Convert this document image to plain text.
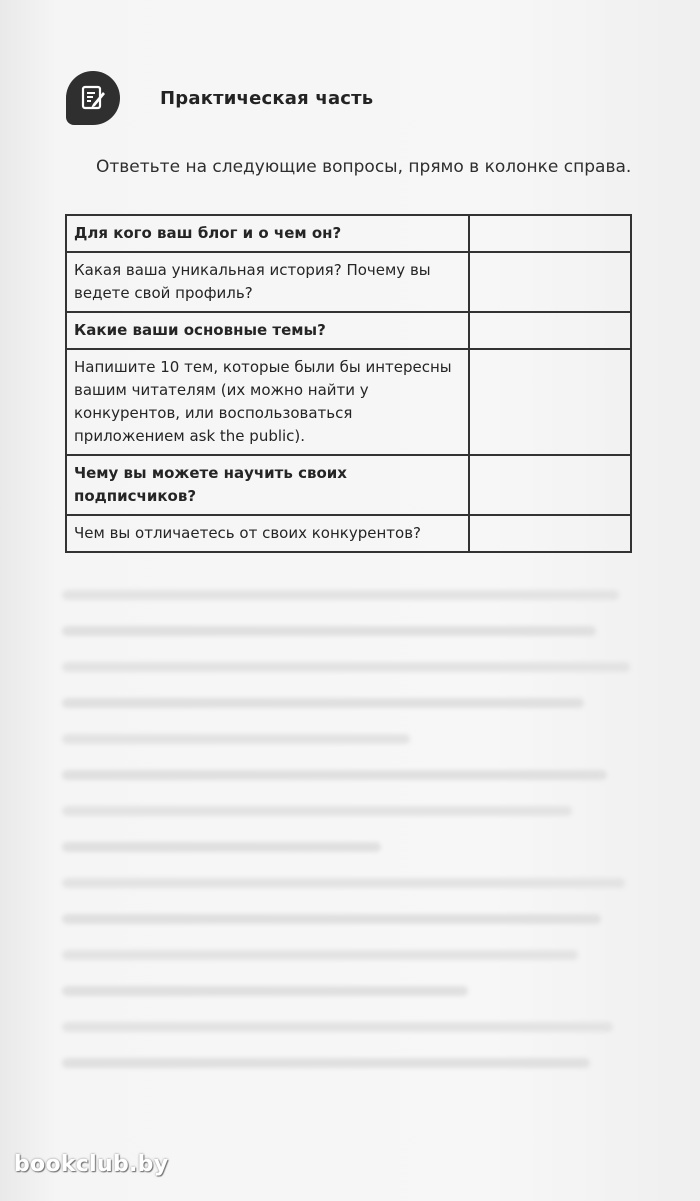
Практическая часть
Ответьте на следующие вопросы, прямо в колонке справа.
Для кого ваш блог и о чем он?	
Какая ваша уникальная история? Почему вы ведете свой профиль?	
Какие ваши основные темы?	
Напишите 10 тем, которые были бы интересны вашим читателям (их можно найти у конкурентов, или воспользоваться приложением ask the public).	
Чему вы можете научить своих подписчиков?	
Чем вы отличаетесь от своих конкурентов?	
bookclub.by
